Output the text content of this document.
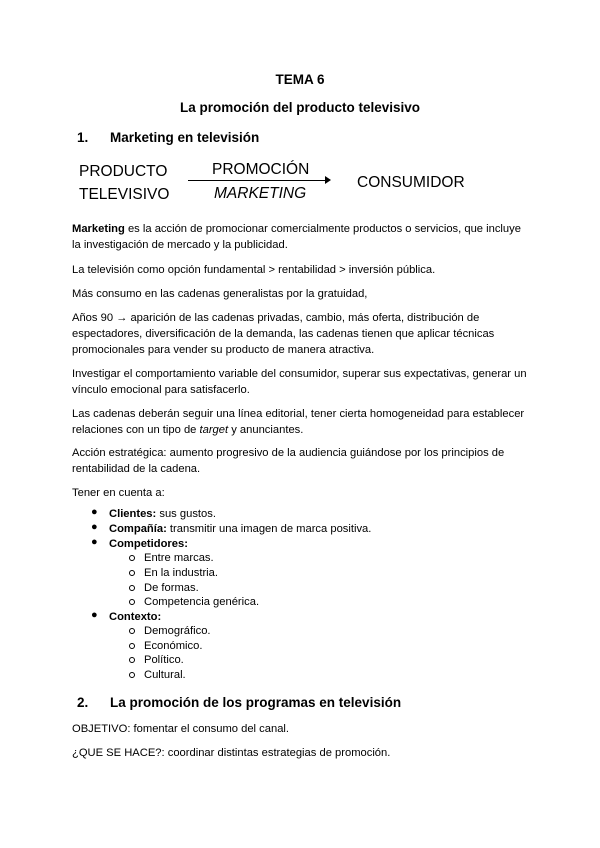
TEMA 6
La promoción del producto televisivo
1. Marketing en televisión
PRODUCTO
TELEVISIVO
PROMOCIÓN
MARKETING
CONSUMIDOR
Marketing es la acción de promocionar comercialmente productos o servicios, que incluye la investigación de mercado y la publicidad.
La televisión como opción fundamental > rentabilidad > inversión pública.
Más consumo en las cadenas generalistas por la gratuidad,
Años 90 → aparición de las cadenas privadas, cambio, más oferta, distribución de espectadores, diversificación de la demanda, las cadenas tienen que aplicar técnicas promocionales para vender su producto de manera atractiva.
Investigar el comportamiento variable del consumidor, superar sus expectativas, generar un vínculo emocional para satisfacerlo.
Las cadenas deberán seguir una línea editorial, tener cierta homogeneidad para establecer relaciones con un tipo de target y anunciantes.
Acción estratégica: aumento progresivo de la audiencia guiándose por los principios de rentabilidad de la cadena.
Tener en cuenta a:
● Clientes: sus gustos.
● Compañía: transmitir una imagen de marca positiva.
● Competidores:
Entre marcas.
En la industria.
De formas.
Competencia genérica.
● Contexto:
Demográfico.
Económico.
Político.
Cultural.
2. La promoción de los programas en televisión
OBJETIVO: fomentar el consumo del canal.
¿QUE SE HACE?: coordinar distintas estrategias de promoción.
